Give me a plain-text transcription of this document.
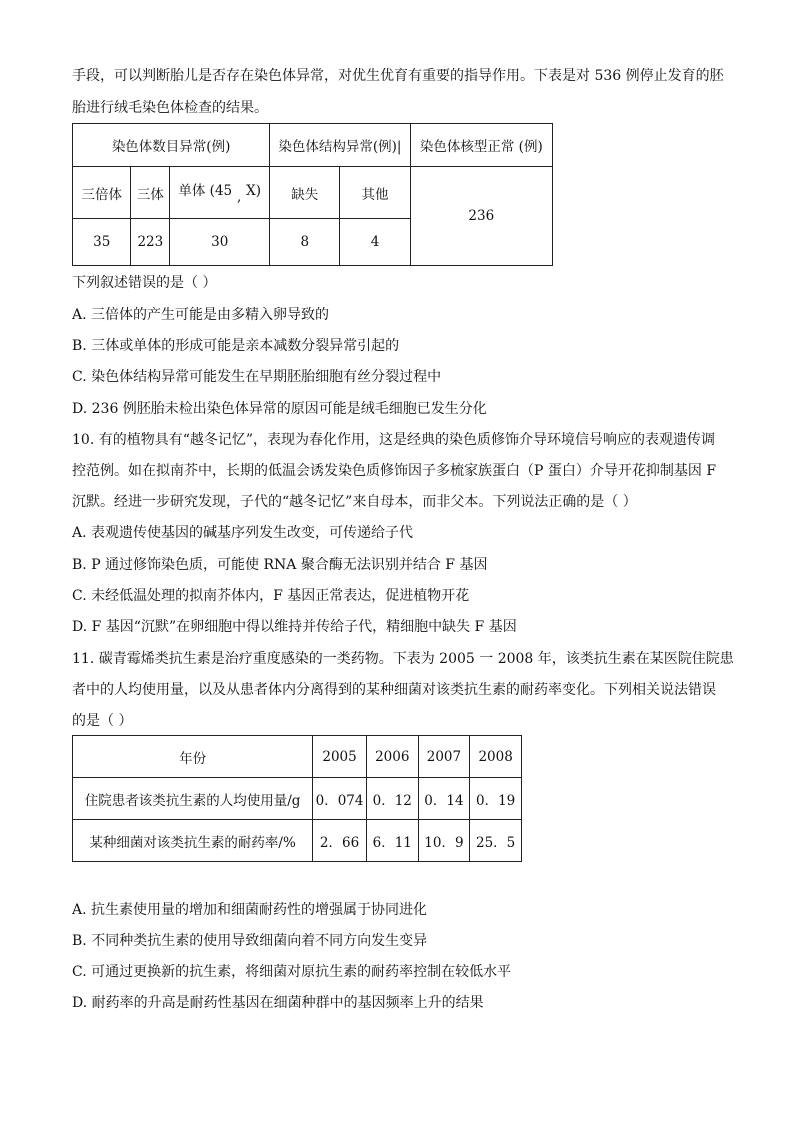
手段，可以判断胎儿是否存在染色体异常，对优生优育有重要的指导作用。下表是对 536 例停止发育的胚
胎进行绒毛染色体检查的结果。
染色体数目异常(例)			染色体结构异常(例)|		染色体核型正常 (例)
三倍体	三体	单体 (45 , X)	缺失	其他	236
35	223	30	8	4	
下列叙述错误的是（ ）
A. 三倍体的产生可能是由多精入卵导致的
B. 三体或单体的形成可能是亲本减数分裂异常引起的
C. 染色体结构异常可能发生在早期胚胎细胞有丝分裂过程中
D. 236 例胚胎未检出染色体异常的原因可能是绒毛细胞已发生分化
10. 有的植物具有“越冬记忆”，表现为春化作用，这是经典的染色质修饰介导环境信号响应的表观遗传调
控范例。如在拟南芥中，长期的低温会诱发染色质修饰因子多梳家族蛋白（P 蛋白）介导开花抑制基因 F
沉默。经进一步研究发现，子代的“越冬记忆”来自母本，而非父本。下列说法正确的是（ ）
A. 表观遗传使基因的碱基序列发生改变，可传递给子代
B. P 通过修饰染色质，可能使 RNA 聚合酶无法识别并结合 F 基因
C. 未经低温处理的拟南芥体内，F 基因正常表达，促进植物开花
D. F 基因“沉默”在卵细胞中得以维持并传给子代，精细胞中缺失 F 基因
11. 碳青霉烯类抗生素是治疗重度感染的一类药物。下表为 2005 一 2008 年，该类抗生素在某医院住院患
者中的人均使用量，以及从患者体内分离得到的某种细菌对该类抗生素的耐药率变化。下列相关说法错误
的是（ ）
年份	2005	2006	2007	2008
住院患者该类抗生素的人均使用量/g	0．074	0．12	0．14	0．19
某种细菌对该类抗生素的耐药率/%	2．66	6．11	10．9	25．5
A. 抗生素使用量的增加和细菌耐药性的增强属于协同进化
B. 不同种类抗生素的使用导致细菌向着不同方向发生变异
C. 可通过更换新的抗生素，将细菌对原抗生素的耐药率控制在较低水平
D. 耐药率的升高是耐药性基因在细菌种群中的基因频率上升的结果
